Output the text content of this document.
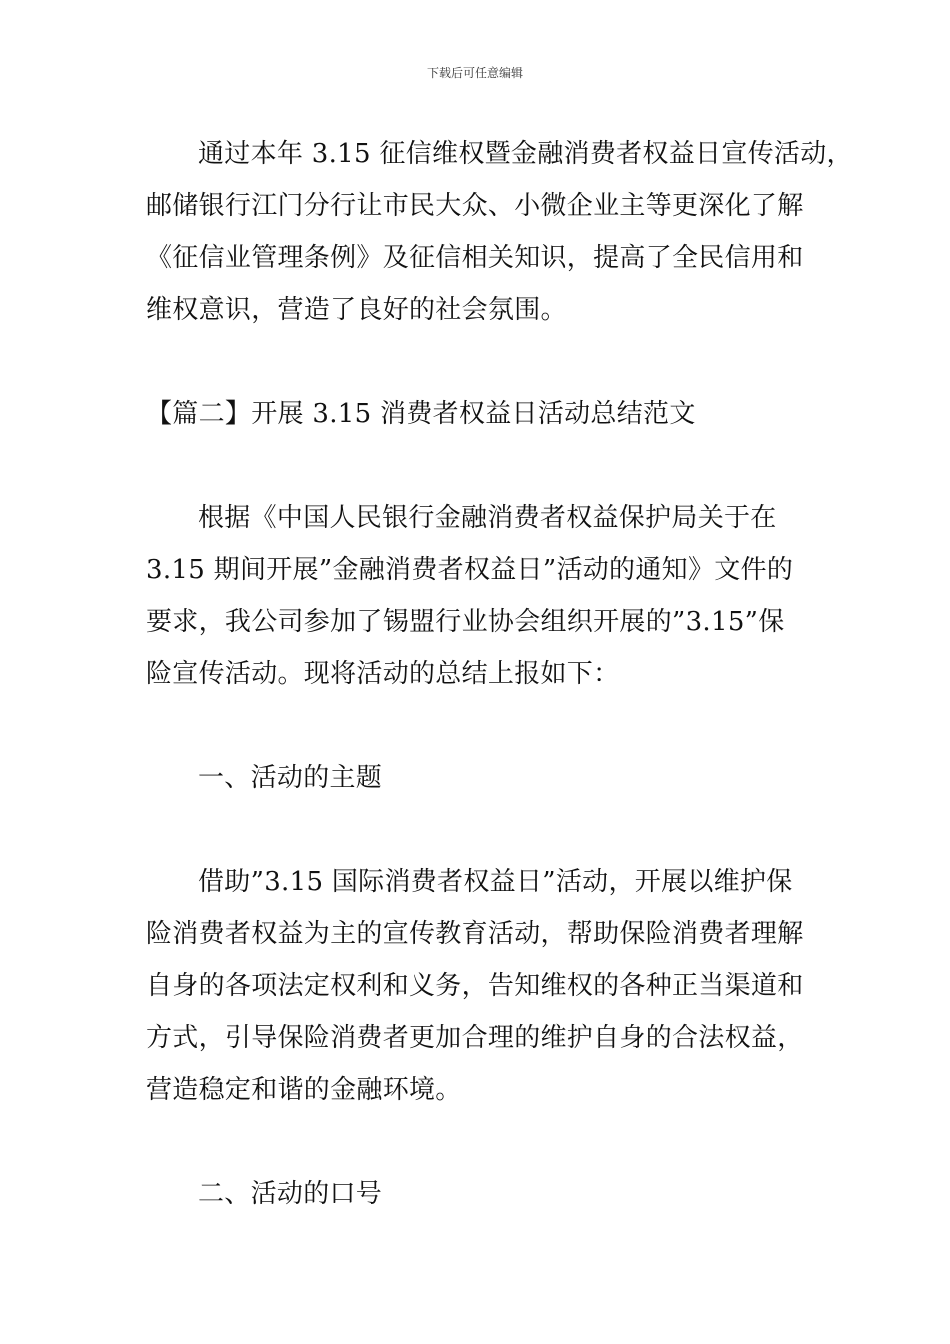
下载后可任意编辑
通过本年 3.15 征信维权暨金融消费者权益日宣传活动，
邮储银行江门分行让市民大众、小微企业主等更深化了解
《征信业管理条例》及征信相关知识，提高了全民信用和
维权意识，营造了良好的社会氛围。
【篇二】开展 3.15 消费者权益日活动总结范文
根据《中国人民银行金融消费者权益保护局关于在
3.15 期间开展”金融消费者权益日”活动的通知》文件的
要求，我公司参加了锡盟行业协会组织开展的”3.15”保
险宣传活动。现将活动的总结上报如下：
一、活动的主题
借助”3.15 国际消费者权益日”活动，开展以维护保
险消费者权益为主的宣传教育活动，帮助保险消费者理解
自身的各项法定权利和义务，告知维权的各种正当渠道和
方式，引导保险消费者更加合理的维护自身的合法权益，
营造稳定和谐的金融环境。
二、活动的口号
